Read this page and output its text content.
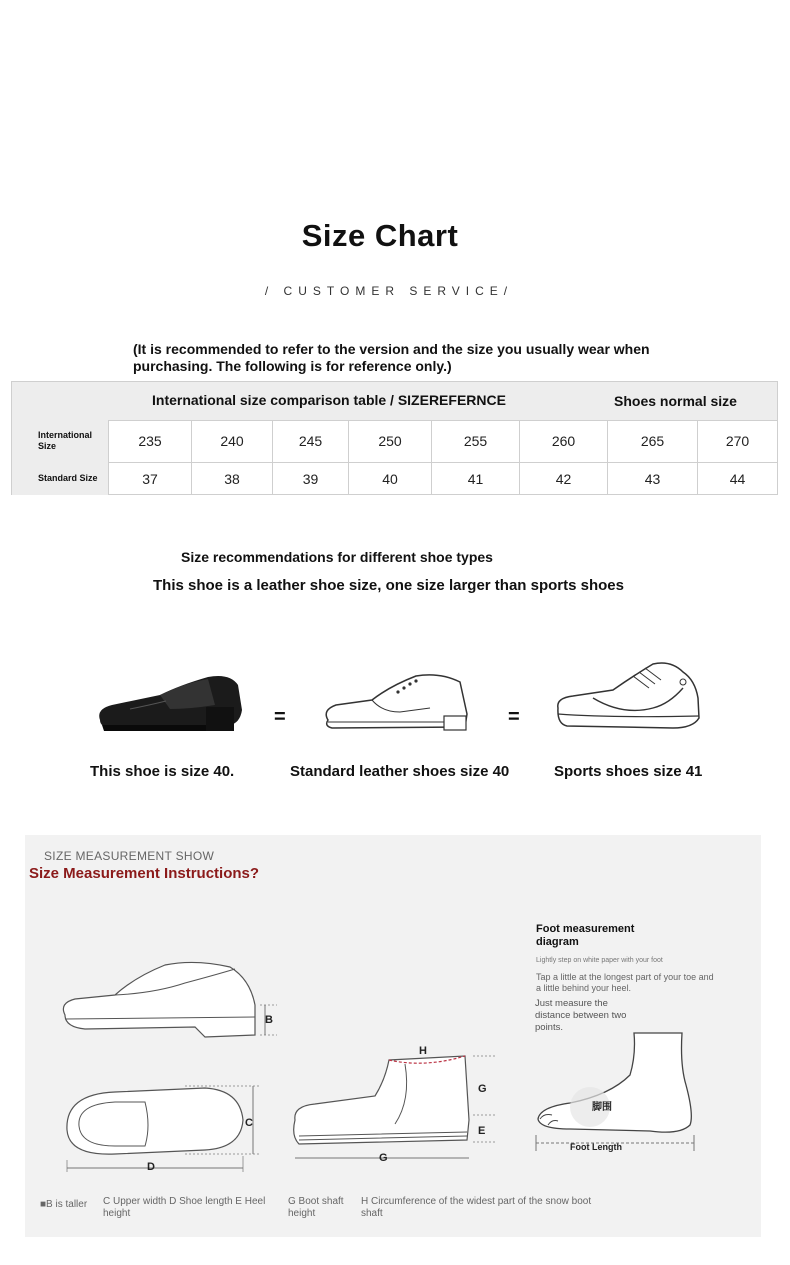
Size Chart
/ CUSTOMER SERVICE/
(It is recommended to refer to the version and the size you usually wear when purchasing. The following is for reference only.)
International size comparison table / SIZEREFERNCE	Shoes normal size
International Size	235	240	245	250	255	260	265	270
Standard Size	37	38	39	40	41	42	43	44
Size recommendations for different shoe types
This shoe is a leather shoe size, one size larger than sports shoes
=	=
This shoe is size 40.	Standard leather shoes size 40	Sports shoes size 41
SIZE MEASUREMENT SHOW
Size Measurement Instructions?
B
C
D
H
G
E
G
Foot measurement diagram
Lightly step on white paper with your foot
Tap a little at the longest part of your toe and a little behind your heel.
Just measure the distance between two points.
脚围
Foot Length
■B is taller C Upper width D Shoe length E Heel height
G Boot shaft height
H Circumference of the widest part of the snow boot shaft
